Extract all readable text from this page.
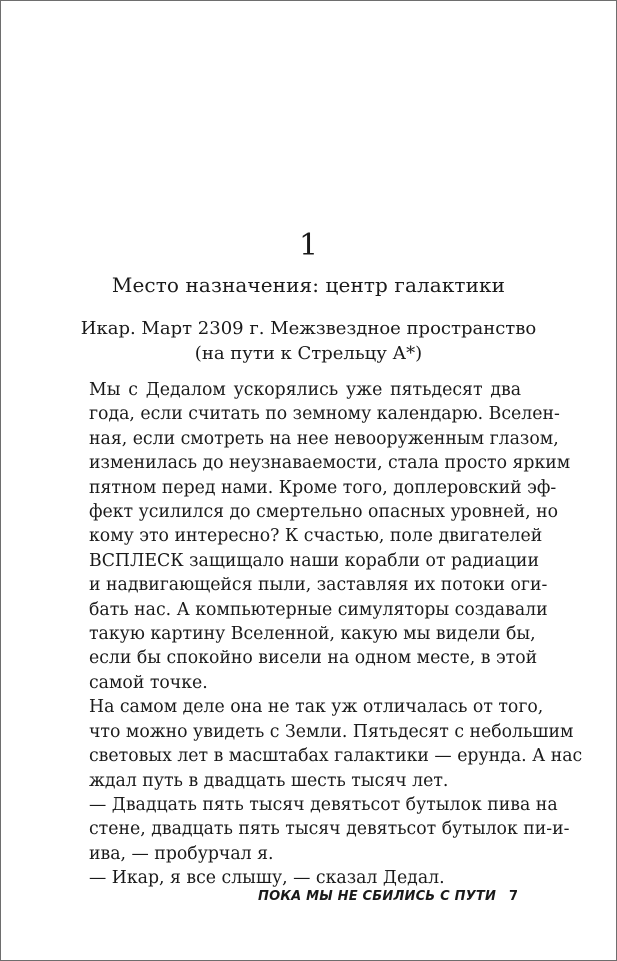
1
Место назначения: центр галактики
Икар. Март 2309 г. Межзвездное пространство
(на пути к Стрельцу А*)

Мы с Дедалом ускорялись уже пятьдесят два
года, если считать по земному календарю. Вселен-
ная, если смотреть на нее невооруженным глазом,
изменилась до неузнаваемости, стала просто ярким
пятном перед нами. Кроме того, доплеровский эф-
фект усилился до смертельно опасных уровней, но
кому это интересно? К счастью, поле двигателей
ВСПЛЕСК защищало наши корабли от радиации
и надвигающейся пыли, заставляя их потоки оги-
бать нас. А компьютерные симуляторы создавали
такую картину Вселенной, какую мы видели бы,
если бы спокойно висели на одном месте, в этой
самой точке.

На самом деле она не так уж отличалась от того,
что можно увидеть с Земли. Пятьдесят с небольшим
световых лет в масштабах галактики — ерунда. А нас
ждал путь в двадцать шесть тысяч лет.

— Двадцать пять тысяч девятьсот бутылок пива на
стене, двадцать пять тысяч девятьсот бутылок пи-и-
ива, — пробурчал я.

— Икар, я все слышу, — сказал Дедал.

ПОКА МЫ НЕ СБИЛИСЬ С ПУТИ 7
